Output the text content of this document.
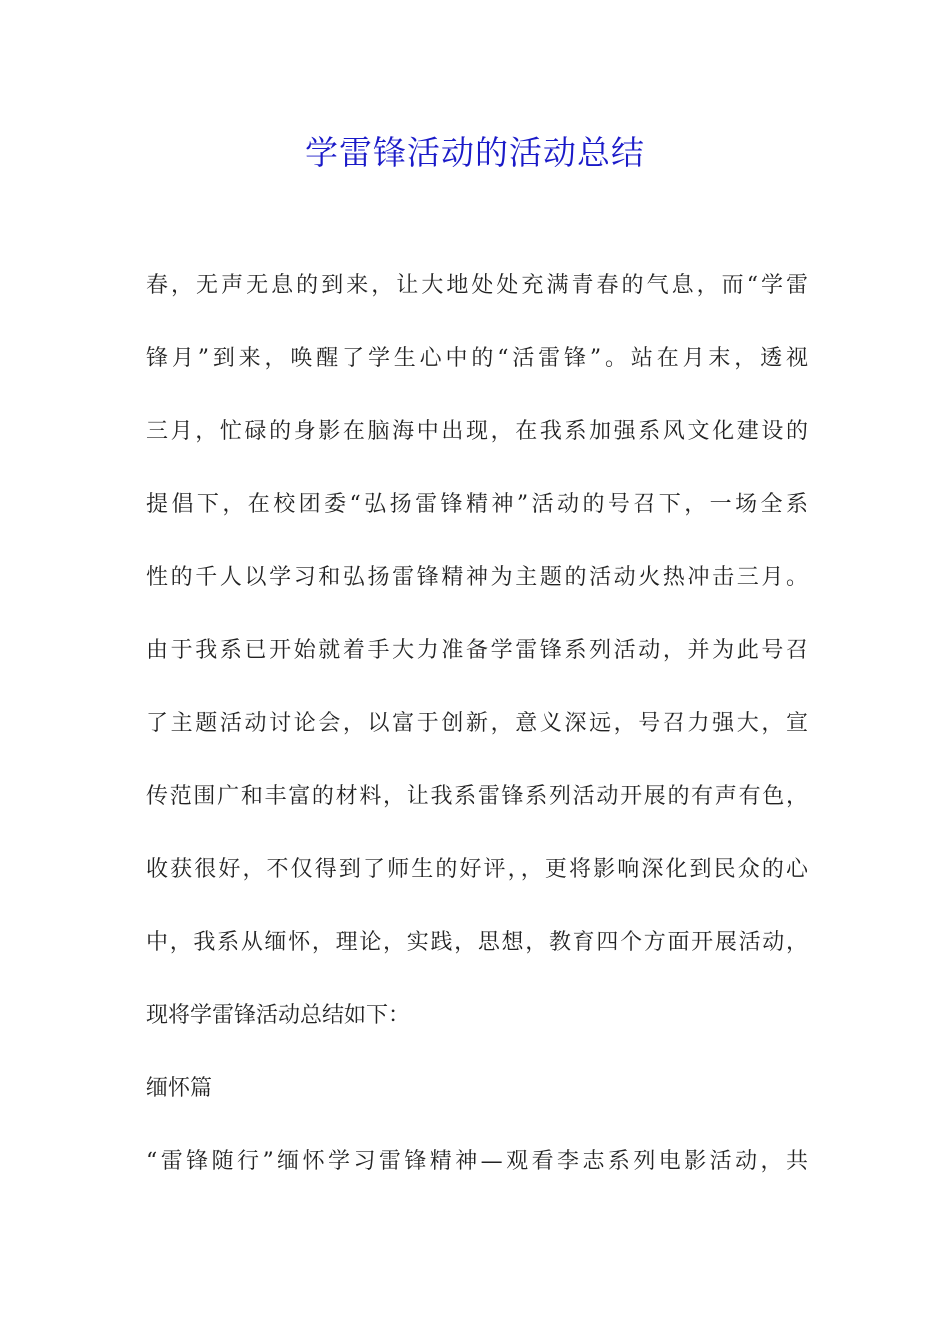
学雷锋活动的活动总结
春，无声无息的到来，让大地处处充满青春的气息，而“学雷
锋月”到来，唤醒了学生心中的“活雷锋”。站在月末，透视
三月，忙碌的身影在脑海中出现，在我系加强系风文化建设的
提倡下，在校团委“弘扬雷锋精神”活动的号召下，一场全系
性的千人以学习和弘扬雷锋精神为主题的活动火热冲击三月。
由于我系已开始就着手大力准备学雷锋系列活动，并为此号召
了主题活动讨论会，以富于创新，意义深远，号召力强大，宣
传范围广和丰富的材料，让我系雷锋系列活动开展的有声有色，
收获很好，不仅得到了师生的好评，，更将影响深化到民众的心
中，我系从缅怀，理论，实践，思想，教育四个方面开展活动，
现将学雷锋活动总结如下：
缅怀篇
“雷锋随行”缅怀学习雷锋精神—观看李志系列电影活动，共
